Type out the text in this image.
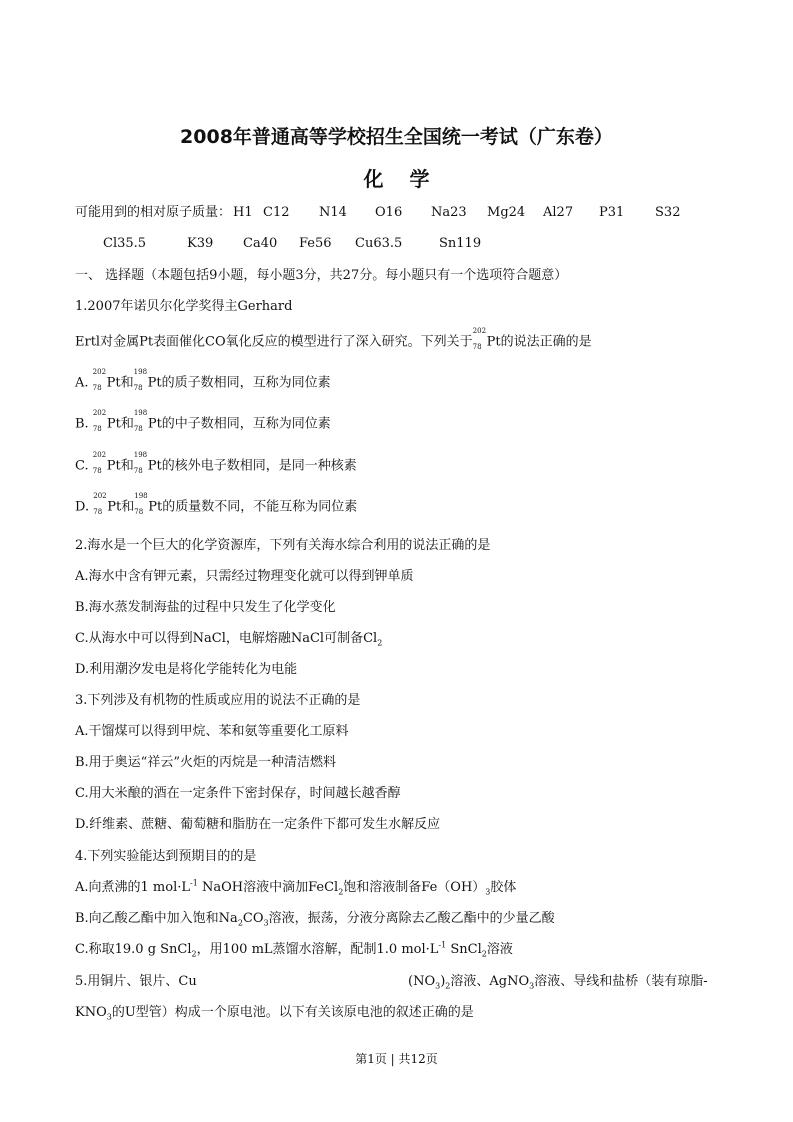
2008年普通高等学校招生全国统一考试（广东卷）
化学
可能用到的相对原子质量： H1 C12 N14 O16 Na23 Mg24 Al27 P31 S32
Cl35.5	K39 Ca40 Fe56 Cu63.5	Sn119
一、 选择题（本题包括9小题，每小题3分，共27分。每小题只有一个选项符合题意）
1.2007年诺贝尔化学奖得主Gerhard
Ertl对金属Pt表面催化CO氧化反应的模型进行了深入研究。下列关于
202
78 Pt的说法正确的是
A.
202
78 Pt和
198
78 Pt的质子数相同，互称为同位素
B.
202
78 Pt和
198
78 Pt的中子数相同，互称为同位素
C.
202
78 Pt和
198
78 Pt的核外电子数相同，是同一种核素
D.
202
78 Pt和
198
78 Pt的质量数不同，不能互称为同位素
2.海水是一个巨大的化学资源库，下列有关海水综合利用的说法正确的是
A.海水中含有钾元素，只需经过物理变化就可以得到钾单质
B.海水蒸发制海盐的过程中只发生了化学变化
C.从海水中可以得到NaCl，电解熔融NaCl可制备$Cl_2$
D.利用潮汐发电是将化学能转化为电能
3.下列涉及有机物的性质或应用的说法不正确的是
A.干馏煤可以得到甲烷、苯和氨等重要化工原料
B.用于奥运“祥云”火炬的丙烷是一种清洁燃料
C.用大米酿的酒在一定条件下密封保存，时间越长越香醇
D.纤维素、蔗糖、葡萄糖和脂肪在一定条件下都可发生水解反应
4.下列实验能达到预期目的的是
A.向煮沸的1 $mol\cdot L^{-1}$ NaOH溶液中滴加FeCl$_2$饱和溶液制备$Fe(OH)_3$胶体
B.向乙酸乙酯中加入饱和$Na_2CO_3$溶液，振荡，分液分离除去乙酸乙酯中的少量乙酸
C.称取19.0 g SnCl$_2$，用100 mL蒸馏水溶解，配制1.0 $mol\cdot L^{-1}$ SnCl$_2$溶液
5.用铜片、银片、Cu	$(NO_3)_2$溶液、AgNO$_3$溶液、导线和盐桥（装有琼脂-
$KNO_3$的U型管）构成一个原电池。以下有关该原电池的叙述正确的是
第1页 | 共12页
